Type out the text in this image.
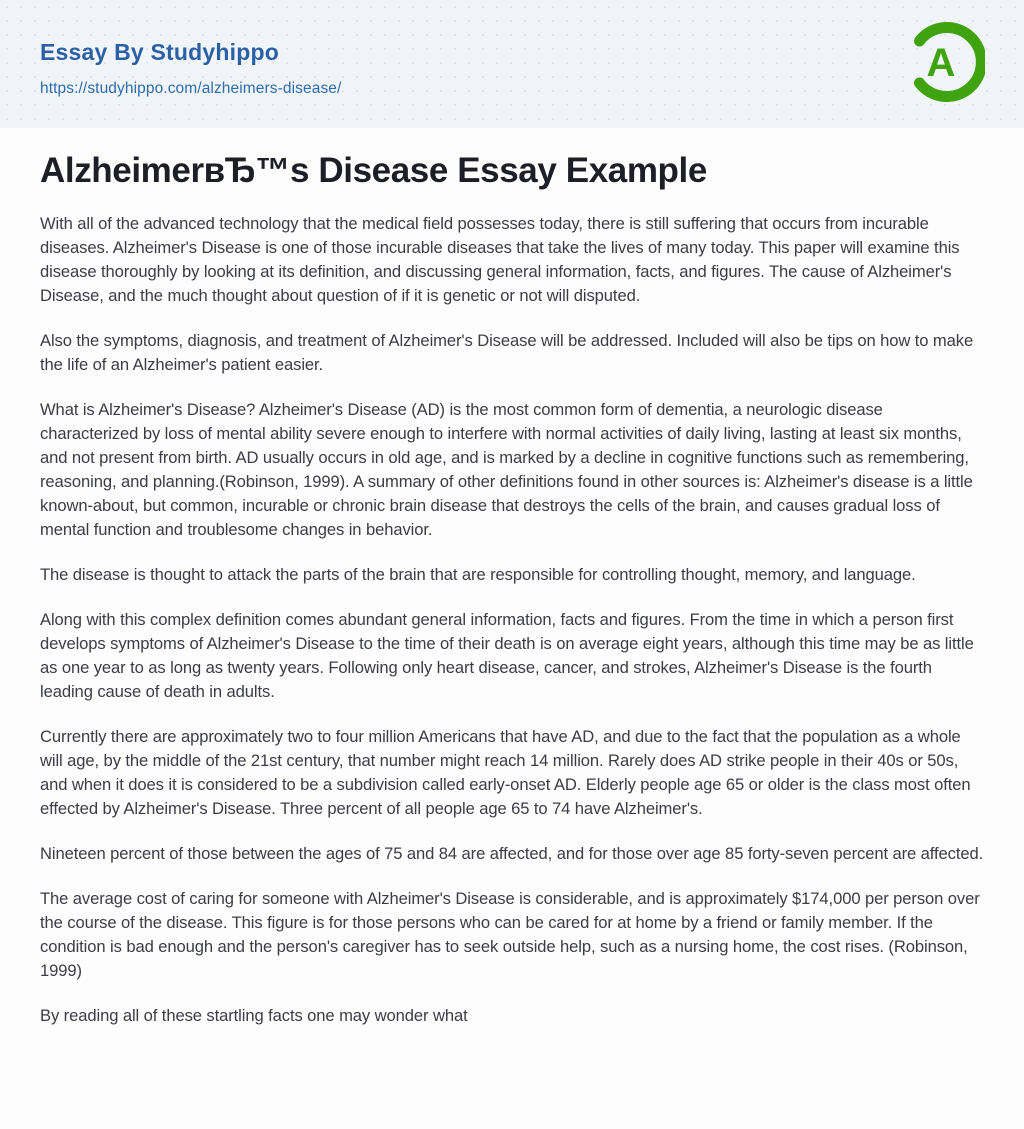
Essay By Studyhippo
https://studyhippo.com/alzheimers-disease/
A
AlzheimerвЂ™s Disease Essay Example

With all of the advanced technology that the medical field possesses today, there is still suffering that occurs from incurable diseases. Alzheimer's Disease is one of those incurable diseases that take the lives of many today. This paper will examine this disease thoroughly by looking at its definition, and discussing general information, facts, and figures. The cause of Alzheimer's Disease, and the much thought about question of if it is genetic or not will disputed.

Also the symptoms, diagnosis, and treatment of Alzheimer's Disease will be addressed. Included will also be tips on how to make the life of an Alzheimer's patient easier.

What is Alzheimer's Disease? Alzheimer's Disease (AD) is the most common form of dementia, a neurologic disease characterized by loss of mental ability severe enough to interfere with normal activities of daily living, lasting at least six months, and not present from birth. AD usually occurs in old age, and is marked by a decline in cognitive functions such as remembering, reasoning, and planning.(Robinson, 1999). A summary of other definitions found in other sources is: Alzheimer's disease is a little known-about, but common, incurable or chronic brain disease that destroys the cells of the brain, and causes gradual loss of mental function and troublesome changes in behavior.

The disease is thought to attack the parts of the brain that are responsible for controlling thought, memory, and language.

Along with this complex definition comes abundant general information, facts and figures. From the time in which a person first develops symptoms of Alzheimer's Disease to the time of their death is on average eight years, although this time may be as little as one year to as long as twenty years. Following only heart disease, cancer, and strokes, Alzheimer's Disease is the fourth leading cause of death in adults.

Currently there are approximately two to four million Americans that have AD, and due to the fact that the population as a whole will age, by the middle of the 21st century, that number might reach 14 million. Rarely does AD strike people in their 40s or 50s, and when it does it is considered to be a subdivision called early-onset AD. Elderly people age 65 or older is the class most often effected by Alzheimer's Disease. Three percent of all people age 65 to 74 have Alzheimer's.

Nineteen percent of those between the ages of 75 and 84 are affected, and for those over age 85 forty-seven percent are affected.

The average cost of caring for someone with Alzheimer's Disease is considerable, and is approximately $174,000 per person over the course of the disease. This figure is for those persons who can be cared for at home by a friend or family member. If the condition is bad enough and the person's caregiver has to seek outside help, such as a nursing home, the cost rises. (Robinson, 1999)

By reading all of these startling facts one may wonder what
